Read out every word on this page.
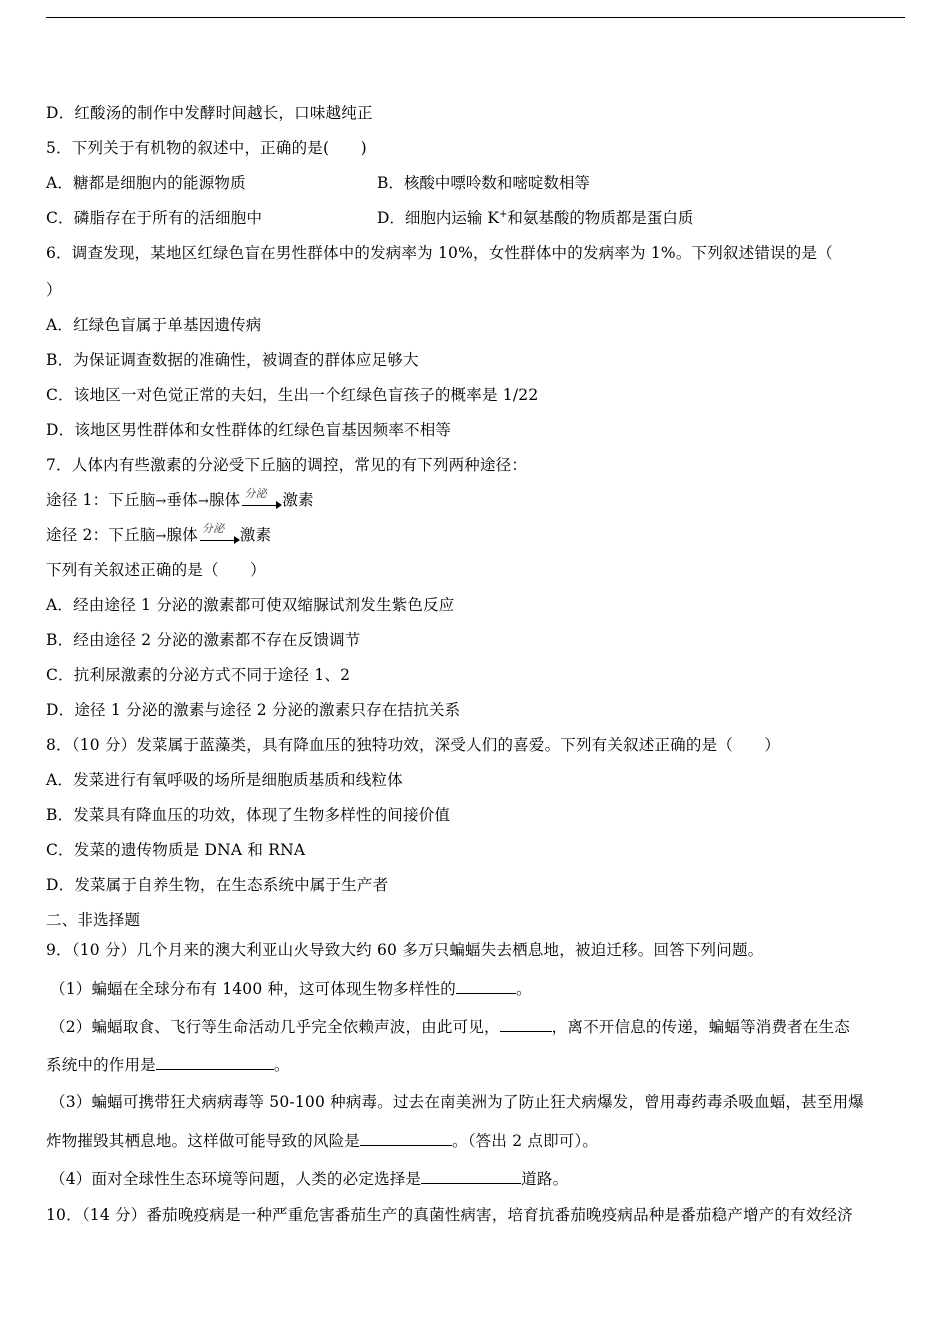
D．红酸汤的制作中发酵时间越长，口味越纯正
5．下列关于有机物的叙述中，正确的是(　　)
A．糖都是细胞内的能源物质	B．核酸中嘌呤数和嘧啶数相等
C．磷脂存在于所有的活细胞中	D．细胞内运输 K+和氨基酸的物质都是蛋白质
6．调查发现，某地区红绿色盲在男性群体中的发病率为 10%，女性群体中的发病率为 1%。下列叙述错误的是（
）
A．红绿色盲属于单基因遗传病
B．为保证调查数据的准确性，被调查的群体应足够大
C．该地区一对色觉正常的夫妇，生出一个红绿色盲孩子的概率是 1/22
D．该地区男性群体和女性群体的红绿色盲基因频率不相等
7．人体内有些激素的分泌受下丘脑的调控，常见的有下列两种途径：
途径 1：下丘脑→垂体→腺体 分泌 激素
途径 2：下丘脑→腺体 分泌 激素
下列有关叙述正确的是（　　）
A．经由途径 1 分泌的激素都可使双缩脲试剂发生紫色反应
B．经由途径 2 分泌的激素都不存在反馈调节
C．抗利尿激素的分泌方式不同于途径 1、2
D．途径 1 分泌的激素与途径 2 分泌的激素只存在拮抗关系
8．（10 分）发菜属于蓝藻类，具有降血压的独特功效，深受人们的喜爱。下列有关叙述正确的是（　　）
A．发菜进行有氧呼吸的场所是细胞质基质和线粒体
B．发菜具有降血压的功效，体现了生物多样性的间接价值
C．发菜的遗传物质是 DNA 和 RNA
D．发菜属于自养生物，在生态系统中属于生产者
二、非选择题
9．（10 分）几个月来的澳大利亚山火导致大约 60 多万只蝙蝠失去栖息地，被迫迁移。回答下列问题。
（1）蝙蝠在全球分布有 1400 种，这可体现生物多样性的	。
（2）蝙蝠取食、飞行等生命活动几乎完全依赖声波，由此可见，	，离不开信息的传递，蝙蝠等消费者在生态
系统中的作用是	。
（3）蝙蝠可携带狂犬病病毒等 50-100 种病毒。过去在南美洲为了防止狂犬病爆发，曾用毒药毒杀吸血蝠，甚至用爆
炸物摧毁其栖息地。这样做可能导致的风险是	。（答出 2 点即可）。
（4）面对全球性生态环境等问题，人类的必定选择是	道路。
10．（14 分）番茄晚疫病是一种严重危害番茄生产的真菌性病害，培育抗番茄晚疫病品种是番茄稳产增产的有效经济
